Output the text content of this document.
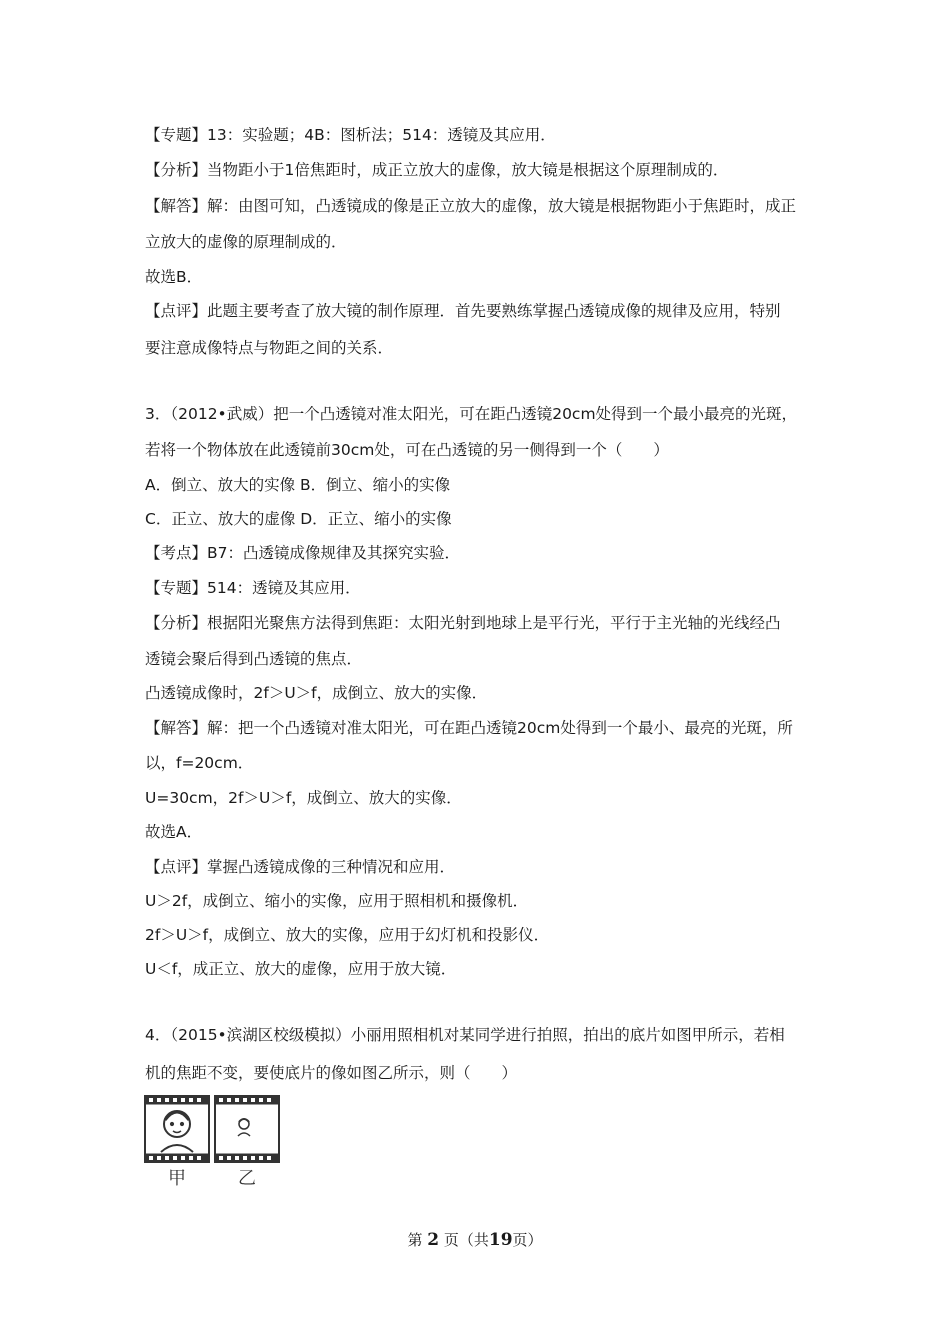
【专题】13：实验题；4B：图析法；514：透镜及其应用．
【分析】当物距小于1倍焦距时，成正立放大的虚像，放大镜是根据这个原理制成的．
【解答】解：由图可知，凸透镜成的像是正立放大的虚像，放大镜是根据物距小于焦距时，成正
立放大的虚像的原理制成的．
故选B．
【点评】此题主要考查了放大镜的制作原理．首先要熟练掌握凸透镜成像的规律及应用，特别
要注意成像特点与物距之间的关系．
3．（2012•武威）把一个凸透镜对准太阳光，可在距凸透镜20cm处得到一个最小最亮的光斑，
若将一个物体放在此透镜前30cm处，可在凸透镜的另一侧得到一个（　　）
A．倒立、放大的实像 B．倒立、缩小的实像
C．正立、放大的虚像 D．正立、缩小的实像
【考点】B7：凸透镜成像规律及其探究实验．
【专题】514：透镜及其应用．
【分析】根据阳光聚焦方法得到焦距：太阳光射到地球上是平行光，平行于主光轴的光线经凸
透镜会聚后得到凸透镜的焦点．
凸透镜成像时，2f＞U＞f，成倒立、放大的实像．
【解答】解：把一个凸透镜对准太阳光，可在距凸透镜20cm处得到一个最小、最亮的光斑，所
以，f=20cm．
U=30cm，2f＞U＞f，成倒立、放大的实像．
故选A．
【点评】掌握凸透镜成像的三种情况和应用．
U＞2f，成倒立、缩小的实像，应用于照相机和摄像机．
2f＞U＞f，成倒立、放大的实像，应用于幻灯机和投影仪．
U＜f，成正立、放大的虚像，应用于放大镜．
4．（2015•滨湖区校级模拟）小丽用照相机对某同学进行拍照，拍出的底片如图甲所示，若相
机的焦距不变，要使底片的像如图乙所示，则（　　）
甲	乙
第 2 页（共19页）
